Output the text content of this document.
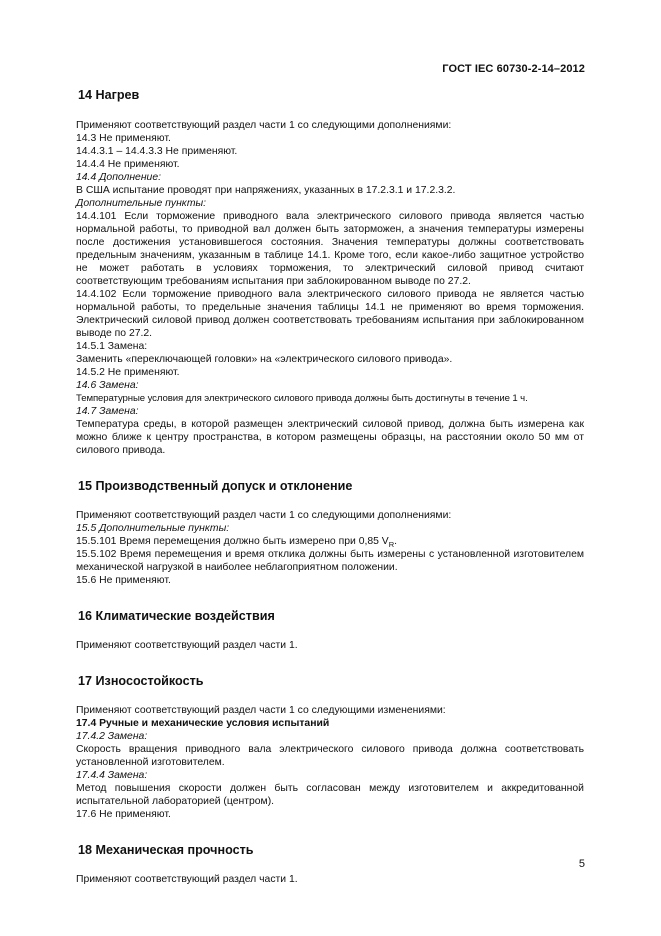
ГОСТ IEC 60730-2-14–2012
14 Нагрев

Применяют соответствующий раздел части 1 со следующими дополнениями:

14.3 Не применяют.

14.4.3.1 – 14.4.3.3 Не применяют.

14.4.4 Не применяют.

14.4 Дополнение:

В США испытание проводят при напряжениях, указанных в 17.2.3.1 и 17.2.3.2.

Дополнительные пункты:

14.4.101 Если торможение приводного вала электрического силового привода является частью нормальной работы, то приводной вал должен быть заторможен, а значения температуры измерены после достижения установившегося состояния. Значения температуры должны соответствовать предельным значениям, указанным в таблице 14.1. Кроме того, если какое-либо защитное устройство не может работать в условиях торможения, то электрический силовой привод считают соответствующим требованиям испытания при заблокированном выводе по 27.2.

14.4.102 Если торможение приводного вала электрического силового привода не является частью нормальной работы, то предельные значения таблицы 14.1 не применяют во время торможения. Электрический силовой привод должен соответствовать требованиям испытания при заблокированном выводе по 27.2.

14.5.1 Замена:

Заменить «переключающей головки» на «электрического силового привода».

14.5.2 Не применяют.

14.6 Замена:

Температурные условия для электрического силового привода должны быть достигнуты в течение 1 ч.

14.7 Замена:

Температура среды, в которой размещен электрический силовой привод, должна быть измерена как можно ближе к центру пространства, в котором размещены образцы, на расстоянии около 50 мм от силового привода.

15 Производственный допуск и отклонение

Применяют соответствующий раздел части 1 со следующими дополнениями:

15.5 Дополнительные пункты:

15.5.101 Время перемещения должно быть измерено при 0,85 $V_R$.

15.5.102 Время перемещения и время отклика должны быть измерены с установленной изготовителем механической нагрузкой в наиболее неблагоприятном положении.

15.6 Не применяют.

16 Климатические воздействия

Применяют соответствующий раздел части 1.

17 Износостойкость

Применяют соответствующий раздел части 1 со следующими изменениями:

17.4 Ручные и механические условия испытаний

17.4.2 Замена:

Скорость вращения приводного вала электрического силового привода должна соответствовать установленной изготовителем.

17.4.4 Замена:

Метод повышения скорости должен быть согласован между изготовителем и аккредитованной испытательной лабораторией (центром).

17.6 Не применяют.

18 Механическая прочность

Применяют соответствующий раздел части 1.

5
